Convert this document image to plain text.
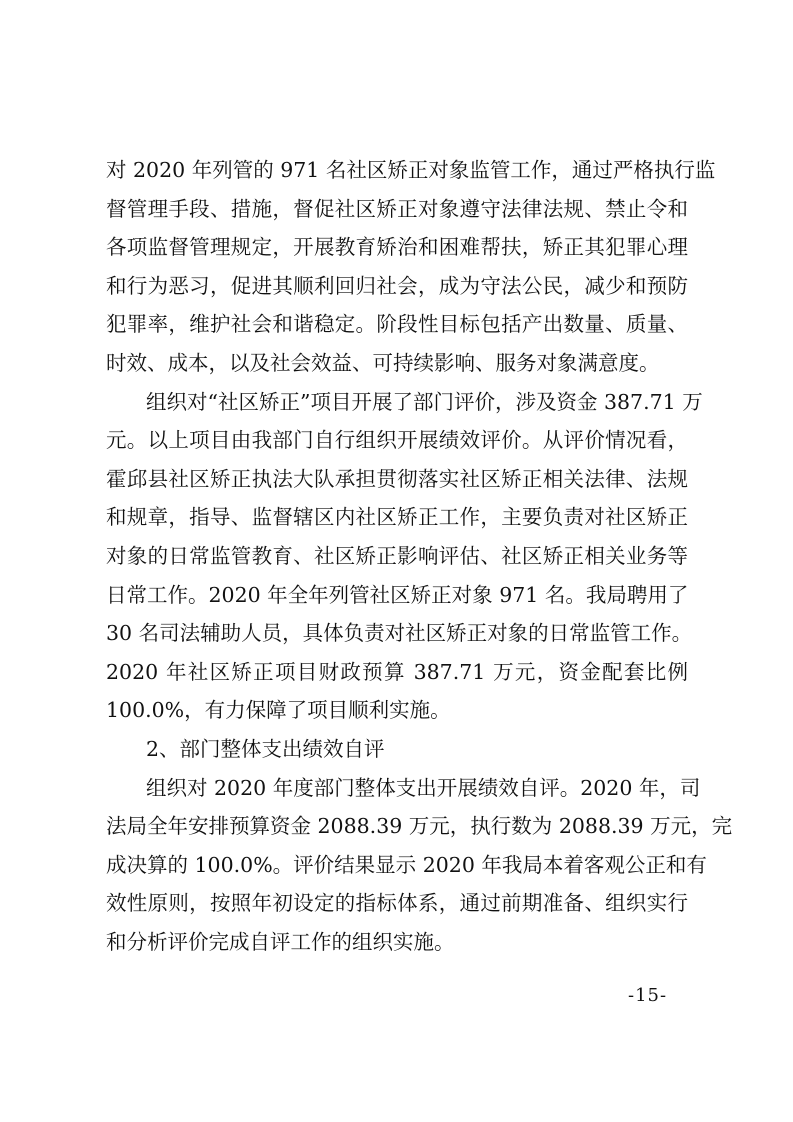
对 2020 年列管的 971 名社区矫正对象监管工作，通过严格执行监
督管理手段、措施，督促社区矫正对象遵守法律法规、禁止令和
各项监督管理规定，开展教育矫治和困难帮扶，矫正其犯罪心理
和行为恶习，促进其顺利回归社会，成为守法公民，减少和预防
犯罪率，维护社会和谐稳定。阶段性目标包括产出数量、质量、
时效、成本，以及社会效益、可持续影响、服务对象满意度。
组织对“社区矫正”项目开展了部门评价，涉及资金 387.71 万
元。以上项目由我部门自行组织开展绩效评价。从评价情况看，
霍邱县社区矫正执法大队承担贯彻落实社区矫正相关法律、法规
和规章，指导、监督辖区内社区矫正工作，主要负责对社区矫正
对象的日常监管教育、社区矫正影响评估、社区矫正相关业务等
日常工作。2020 年全年列管社区矫正对象 971 名。我局聘用了
30 名司法辅助人员，具体负责对社区矫正对象的日常监管工作。
2020 年社区矫正项目财政预算 387.71 万元，资金配套比例
100.0%，有力保障了项目顺利实施。
2、部门整体支出绩效自评
组织对 2020 年度部门整体支出开展绩效自评。2020 年，司
法局全年安排预算资金 2088.39 万元，执行数为 2088.39 万元，完
成决算的 100.0%。评价结果显示 2020 年我局本着客观公正和有
效性原则，按照年初设定的指标体系，通过前期准备、组织实行
和分析评价完成自评工作的组织实施。
-15-
